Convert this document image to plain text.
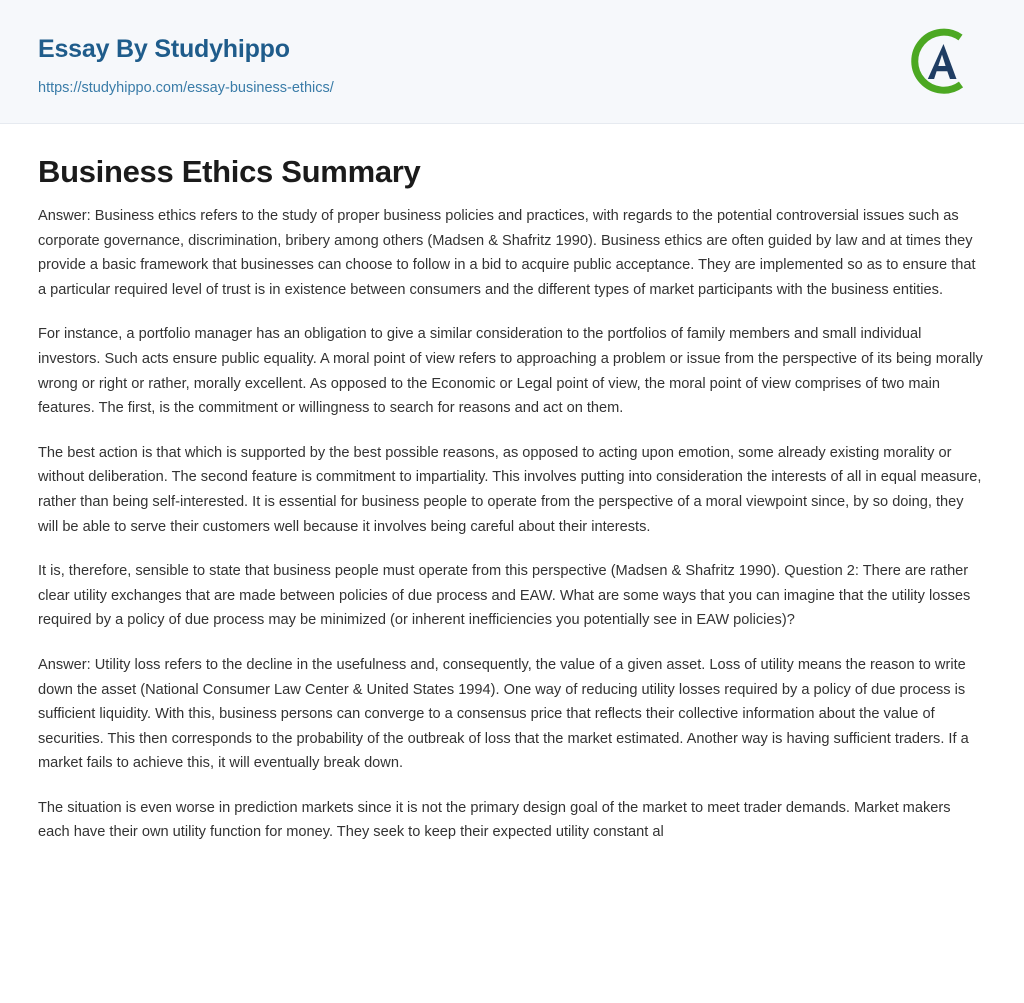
Essay By Studyhippo
https://studyhippo.com/essay-business-ethics/
Business Ethics Summary

Answer: Business ethics refers to the study of proper business policies and practices, with regards to the potential controversial issues such as corporate governance, discrimination, bribery among others (Madsen & Shafritz 1990). Business ethics are often guided by law and at times they provide a basic framework that businesses can choose to follow in a bid to acquire public acceptance. They are implemented so as to ensure that a particular required level of trust is in existence between consumers and the different types of market participants with the business entities.

For instance, a portfolio manager has an obligation to give a similar consideration to the portfolios of family members and small individual investors. Such acts ensure public equality. A moral point of view refers to approaching a problem or issue from the perspective of its being morally wrong or right or rather, morally excellent. As opposed to the Economic or Legal point of view, the moral point of view comprises of two main features. The first, is the commitment or willingness to search for reasons and act on them.

The best action is that which is supported by the best possible reasons, as opposed to acting upon emotion, some already existing morality or without deliberation. The second feature is commitment to impartiality. This involves putting into consideration the interests of all in equal measure, rather than being self-interested. It is essential for business people to operate from the perspective of a moral viewpoint since, by so doing, they will be able to serve their customers well because it involves being careful about their interests.

It is, therefore, sensible to state that business people must operate from this perspective (Madsen & Shafritz 1990). Question 2: There are rather clear utility exchanges that are made between policies of due process and EAW. What are some ways that you can imagine that the utility losses required by a policy of due process may be minimized (or inherent inefficiencies you potentially see in EAW policies)?

Answer: Utility loss refers to the decline in the usefulness and, consequently, the value of a given asset. Loss of utility means the reason to write down the asset (National Consumer Law Center & United States 1994). One way of reducing utility losses required by a policy of due process is sufficient liquidity. With this, business persons can converge to a consensus price that reflects their collective information about the value of securities. This then corresponds to the probability of the outbreak of loss that the market estimated. Another way is having sufficient traders. If a market fails to achieve this, it will eventually break down.

The situation is even worse in prediction markets since it is not the primary design goal of the market to meet trader demands. Market makers each have their own utility function for money. They seek to keep their expected utility constant al
